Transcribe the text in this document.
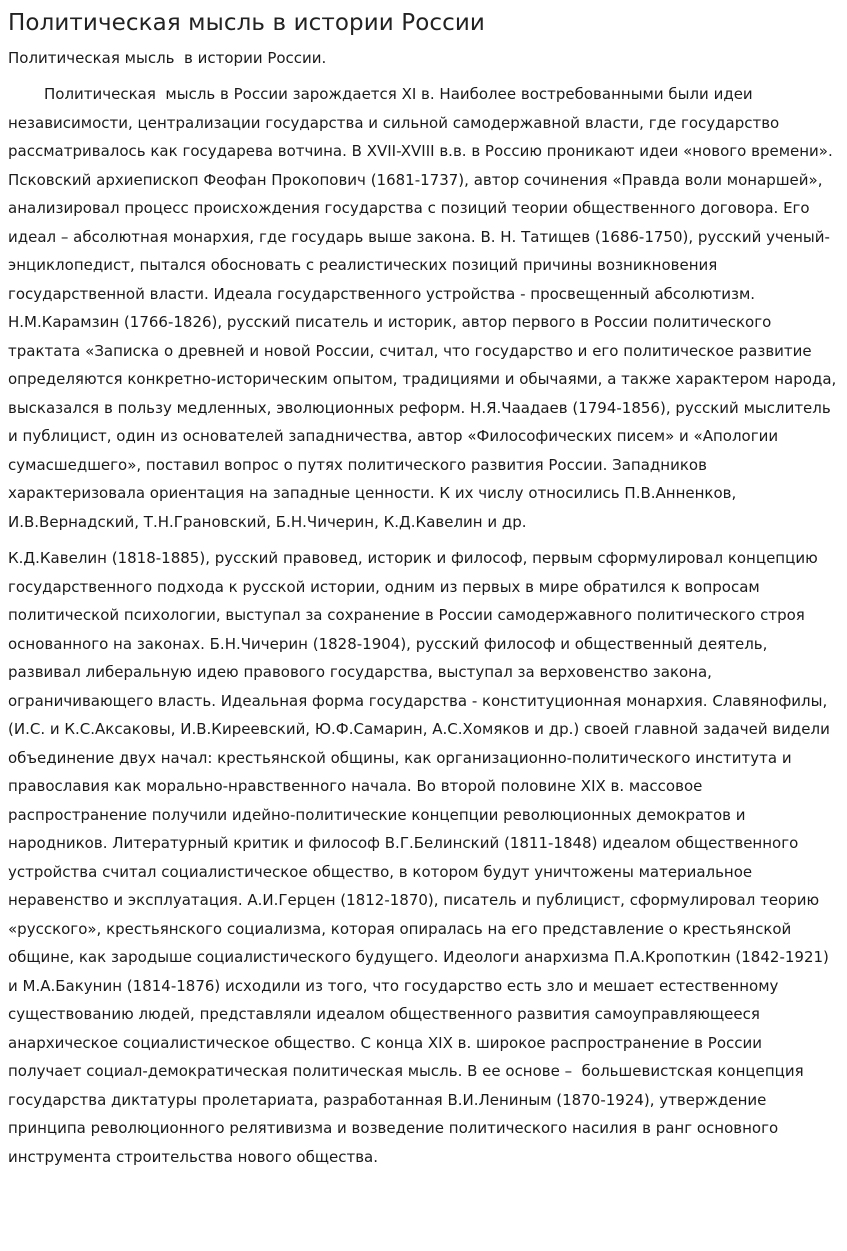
Политическая мысль в истории России

Политическая мысль  в истории России.

Политическая  мысль в России зарождается XI в. Наиболее востребованными были идеи независимости, централизации государства и сильной самодержавной власти, где государство рассматривалось как государева вотчина. В XVII-XVIII в.в. в Россию проникают идеи «нового времени». Псковский архиепископ Феофан Прокопович (1681-1737), автор сочинения «Правда воли монаршей», анализировал процесс происхождения государства с позиций теории общественного договора. Его идеал – абсолютная монархия, где государь выше закона. В. Н. Татищев (1686-1750), русский ученый-энциклопедист, пытался обосновать с реалистических позиций причины возникновения государственной власти. Идеала государственного устройства - просвещенный абсолютизм. Н.М.Карамзин (1766-1826), русский писатель и историк, автор первого в России политического трактата «Записка о древней и новой России, считал, что государство и его политическое развитие определяются конкретно-историческим опытом, традициями и обычаями, а также характером народа, высказался в пользу медленных, эволюционных реформ. Н.Я.Чаадаев (1794-1856), русский мыслитель и публицист, один из основателей западничества, автор «Философических писем» и «Апологии сумасшедшего», поставил вопрос о путях политического развития России. Западников характеризовала ориентация на западные ценности. К их числу относились П.В.Анненков, И.В.Вернадский, Т.Н.Грановский, Б.Н.Чичерин, К.Д.Кавелин и др.

К.Д.Кавелин (1818-1885), русский правовед, историк и философ, первым сформулировал концепцию государственного подхода к русской истории, одним из первых в мире обратился к вопросам политической психологии, выступал за сохранение в России самодержавного политического строя основанного на законах. Б.Н.Чичерин (1828-1904), русский философ и общественный деятель, развивал либеральную идею правового государства, выступал за верховенство закона, ограничивающего власть. Идеальная форма государства - конституционная монархия. Славянофилы, (И.С. и К.С.Аксаковы, И.В.Киреевский, Ю.Ф.Самарин, А.С.Хомяков и др.) своей главной задачей видели объединение двух начал: крестьянской общины, как организационно-политического института и православия как морально-нравственного начала. Во второй половине XIX в. массовое распространение получили идейно-политические концепции революционных демократов и народников. Литературный критик и философ В.Г.Белинский (1811-1848) идеалом общественного устройства считал социалистическое общество, в котором будут уничтожены материальное неравенство и эксплуатация. А.И.Герцен (1812-1870), писатель и публицист, сформулировал теорию «русского», крестьянского социализма, которая опиралась на его представление о крестьянской общине, как зародыше социалистического будущего. Идеологи анархизма П.А.Кропоткин (1842-1921) и М.А.Бакунин (1814-1876) исходили из того, что государство есть зло и мешает естественному существованию людей, представляли идеалом общественного развития самоуправляющееся анархическое социалистическое общество. С конца XIX в. широкое распространение в России получает социал-демократическая политическая мысль. В ее основе –  большевистская концепция государства диктатуры пролетариата, разработанная В.И.Лениным (1870-1924), утверждение принципа революционного релятивизма и возведение политического насилия в ранг основного инструмента строительства нового общества.
